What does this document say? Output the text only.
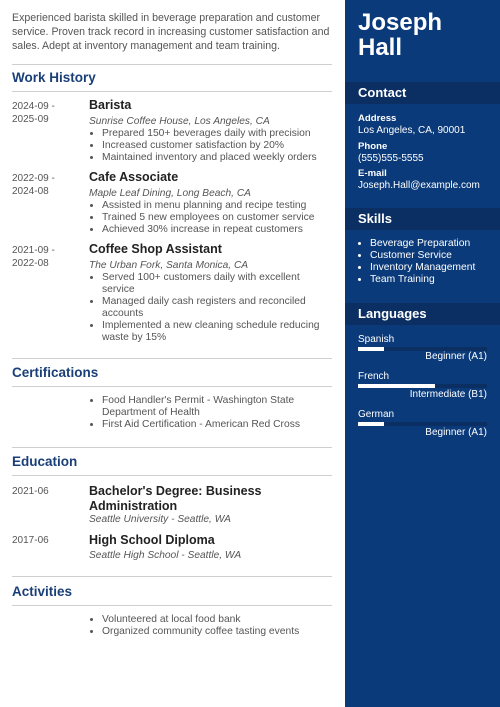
Experienced barista skilled in beverage preparation and customer service. Proven track record in increasing customer satisfaction and sales. Adept at inventory management and team training.
Work History
2024-09 -
2025-09
Barista
Sunrise Coffee House, Los Angeles, CA
• Prepared 150+ beverages daily with precision
• Increased customer satisfaction by 20%
• Maintained inventory and placed weekly orders
2022-09 -
2024-08
Cafe Associate
Maple Leaf Dining, Long Beach, CA
• Assisted in menu planning and recipe testing
• Trained 5 new employees on customer service
• Achieved 30% increase in repeat customers
2021-09 -
2022-08
Coffee Shop Assistant
The Urban Fork, Santa Monica, CA
• Served 100+ customers daily with excellent service
• Managed daily cash registers and reconciled accounts
• Implemented a new cleaning schedule reducing waste by 15%
Certifications
• Food Handler's Permit - Washington State Department of Health
• First Aid Certification - American Red Cross
Education
2021-06	Bachelor's Degree: Business Administration
Seattle University - Seattle, WA
2017-06	High School Diploma
Seattle High School - Seattle, WA
Activities
• Volunteered at local food bank
• Organized community coffee tasting events
Joseph
Hall
Contact
Address
Los Angeles, CA, 90001
Phone
(555)555-5555
E-mail
Joseph.Hall@example.com
Skills
• Beverage Preparation
• Customer Service
• Inventory Management
• Team Training
Languages
Spanish
Beginner (A1)
French
Intermediate (B1)
German
Beginner (A1)
